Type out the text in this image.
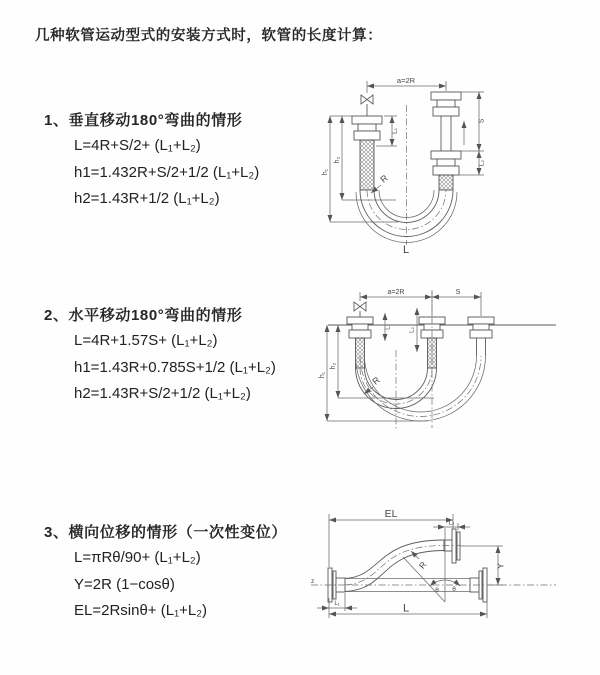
几种软管运动型式的安装方式时，软管的长度计算：
1、垂直移动180°弯曲的情形
L=4R+S/2+ (L₁+L₂)
h1=1.432R+S/2+1/2 (L₁+L₂)
h2=1.43R+1/2 (L₁+L₂)
2、水平移动180°弯曲的情形
L=4R+1.57S+ (L₁+L₂)
h1=1.43R+0.785S+1/2 (L₁+L₂)
h2=1.43R+S/2+1/2 (L₁+L₂)
3、横向位移的情形（一次性变位）
L=πRθ/90+ (L₁+L₂)
Y=2R (1−cosθ)
EL=2Rsinθ+ (L₁+L₂)
a=2R
h₁
h₂
L₁
S
L₂
R
L
a=2R	S
h₁
h₂
L₁
L₂
R
EL
L₂
Y
z
θ θ
R
L₁	L
